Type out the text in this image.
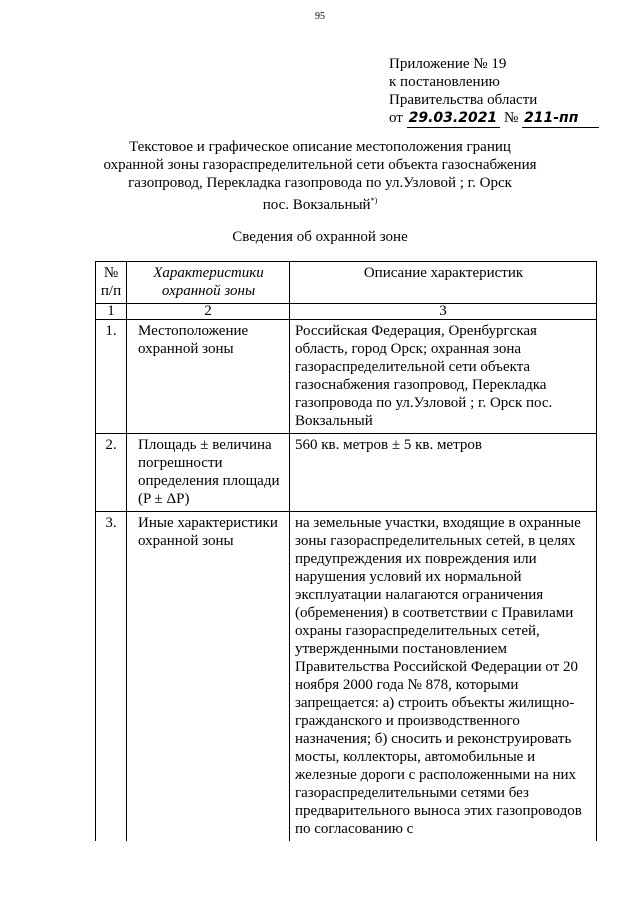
95
Приложение № 19
к постановлению
Правительства области
от 29.03.2021 № 211-пп
Текстовое и графическое описание местоположения границ
охранной зоны газораспределительной сети объекта газоснабжения
газопровод, Перекладка газопровода по ул.Узловой ; г. Орск
пос. Вокзальный*)
Сведения об охранной зоне
№ п/п	Характеристики охранной зоны	Описание характеристик
1	2	3
1.	Местоположение охранной зоны	Российская Федерация, Оренбургская область, город Орск; охранная зона газораспределительной сети объекта газоснабжения газопровод, Перекладка газопровода по ул.Узловой ; г. Орск пос. Вокзальный
2.	Площадь ± величина погрешности определения площади (P ± ΔP)	560 кв. метров ± 5 кв. метров
3.	Иные характеристики охранной зоны	на земельные участки, входящие в охранные зоны газораспределительных сетей, в целях предупреждения их повреждения или нарушения условий их нормальной эксплуатации налагаются ограничения (обременения) в соответствии с Правилами охраны газораспределительных сетей, утвержденными постановлением Правительства Российской Федерации от 20 ноября 2000 года № 878, которыми запрещается: а) строить объекты жилищно-гражданского и производственного назначения; б) сносить и реконструировать мосты, коллекторы, автомобильные и железные дороги с расположенными на них газораспределительными сетями без предварительного выноса этих газопроводов по согласованию с
